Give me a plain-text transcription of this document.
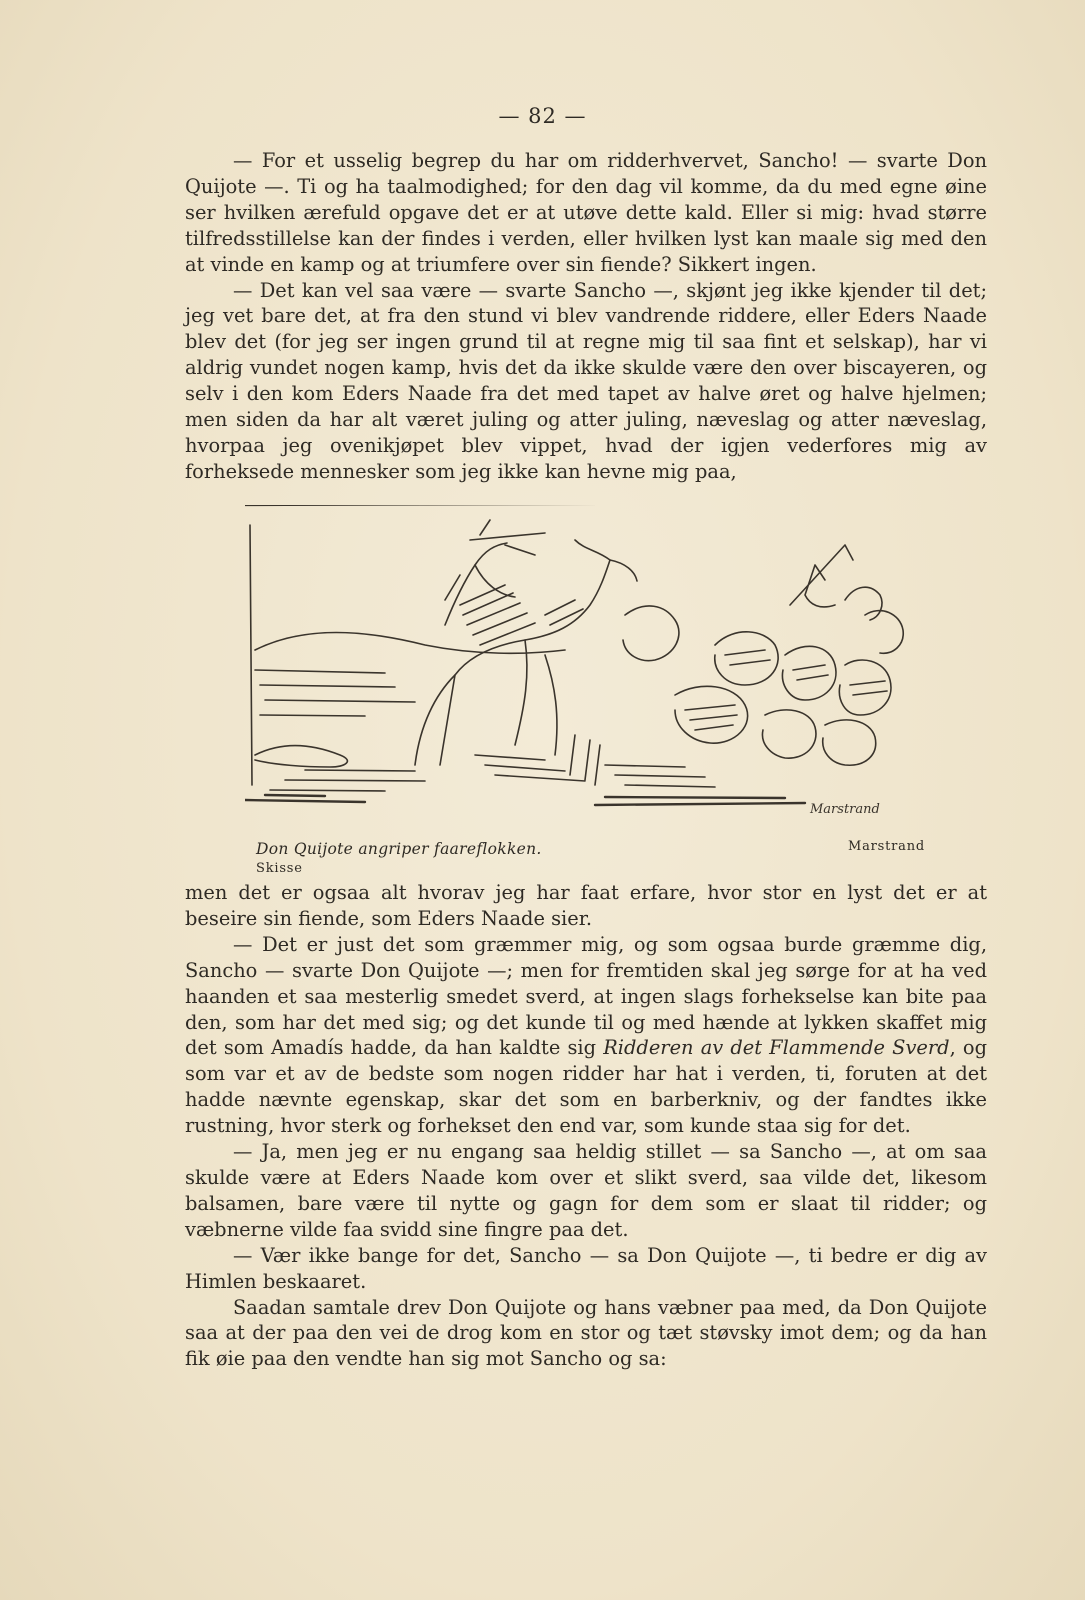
— 82 —

— For et usselig begrep du har om ridderhvervet, Sancho! — svarte Don Quijote —. Ti og ha taalmodighed; for den dag vil komme, da du med egne øine ser hvilken ærefuld opgave det er at utøve dette kald. Eller si mig: hvad større tilfredsstillelse kan der findes i verden, eller hvilken lyst kan maale sig med den at vinde en kamp og at triumfere over sin fiende? Sikkert ingen.

— Det kan vel saa være — svarte Sancho —, skjønt jeg ikke kjender til det; jeg vet bare det, at fra den stund vi blev vandrende riddere, eller Eders Naade blev det (for jeg ser ingen grund til at regne mig til saa fint et selskap), har vi aldrig vundet nogen kamp, hvis det da ikke skulde være den over biscayeren, og selv i den kom Eders Naade fra det med tapet av halve øret og halve hjelmen; men siden da har alt været juling og atter juling, næveslag og atter næveslag, hvorpaa jeg ovenikjøpet blev vippet, hvad der igjen vederfores mig av forheksede mennesker som jeg ikke kan hevne mig paa,

Marstrand
Don Quijote angriper faareflokken.
Skisse
Marstrand

men det er ogsaa alt hvorav jeg har faat erfare, hvor stor en lyst det er at beseire sin fiende, som Eders Naade sier.

— Det er just det som græmmer mig, og som ogsaa burde græmme dig, Sancho — svarte Don Quijote —; men for fremtiden skal jeg sørge for at ha ved haanden et saa mesterlig smedet sverd, at ingen slags forhekselse kan bite paa den, som har det med sig; og det kunde til og med hænde at lykken skaffet mig det som Amadís hadde, da han kaldte sig Ridderen av det Flammende Sverd, og som var et av de bedste som nogen ridder har hat i verden, ti, foruten at det hadde nævnte egenskap, skar det som en barberkniv, og der fandtes ikke rustning, hvor sterk og forhekset den end var, som kunde staa sig for det.

— Ja, men jeg er nu engang saa heldig stillet — sa Sancho —, at om saa skulde være at Eders Naade kom over et slikt sverd, saa vilde det, likesom balsamen, bare være til nytte og gagn for dem som er slaat til ridder; og væbnerne vilde faa svidd sine fingre paa det.

— Vær ikke bange for det, Sancho — sa Don Quijote —, ti bedre er dig av Himlen beskaaret.

Saadan samtale drev Don Quijote og hans væbner paa med, da Don Quijote saa at der paa den vei de drog kom en stor og tæt støvsky imot dem; og da han fik øie paa den vendte han sig mot Sancho og sa:
